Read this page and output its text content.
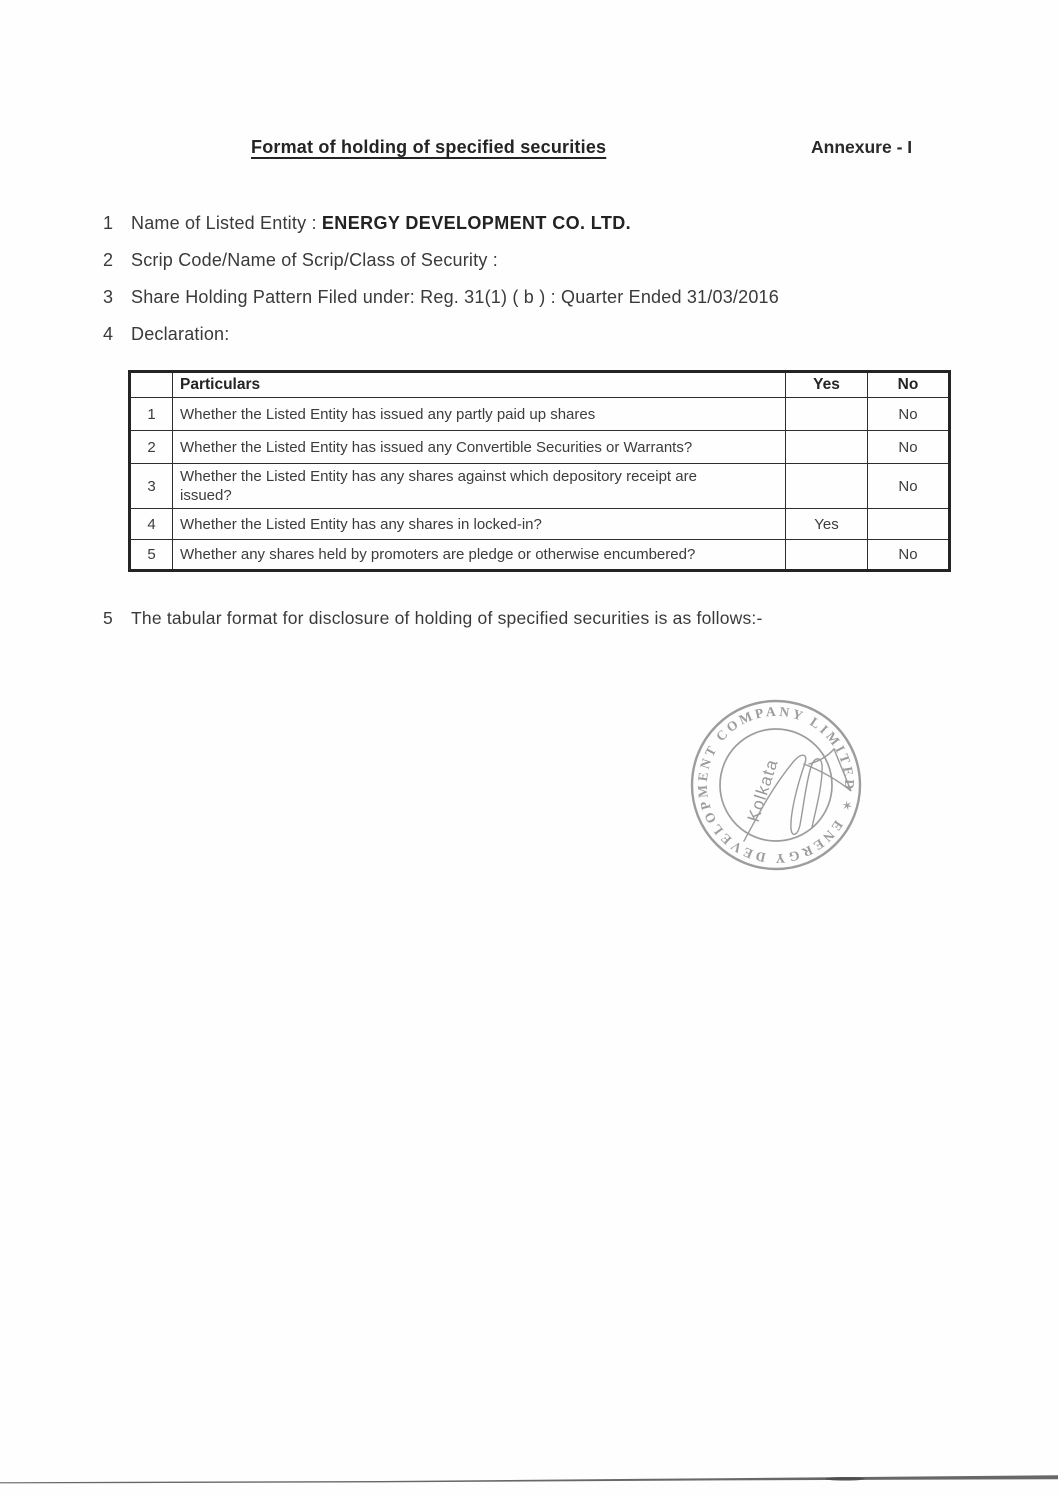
Format of holding of specified securities	Annexure - I
1 Name of Listed Entity : ENERGY DEVELOPMENT CO. LTD.
2 Scrip Code/Name of Scrip/Class of Security :
3 Share Holding Pattern Filed under: Reg. 31(1) ( b ) : Quarter Ended 31/03/2016
4 Declaration:
5 The tabular format for disclosure of holding of specified securities is as follows:-
	Particulars	Yes	No
1	Whether the Listed Entity has issued any partly paid up shares		No
2	Whether the Listed Entity has issued any Convertible Securities or Warrants?		No
3	Whether the Listed Entity has any shares against which depository receipt are issued?		No
4	Whether the Listed Entity has any shares in locked-in?	Yes	
5	Whether any shares held by promoters are pledge or otherwise encumbered?		No
ENERGY DEVELOPMENT COMPANY LIMITED ✶
Kolkata
